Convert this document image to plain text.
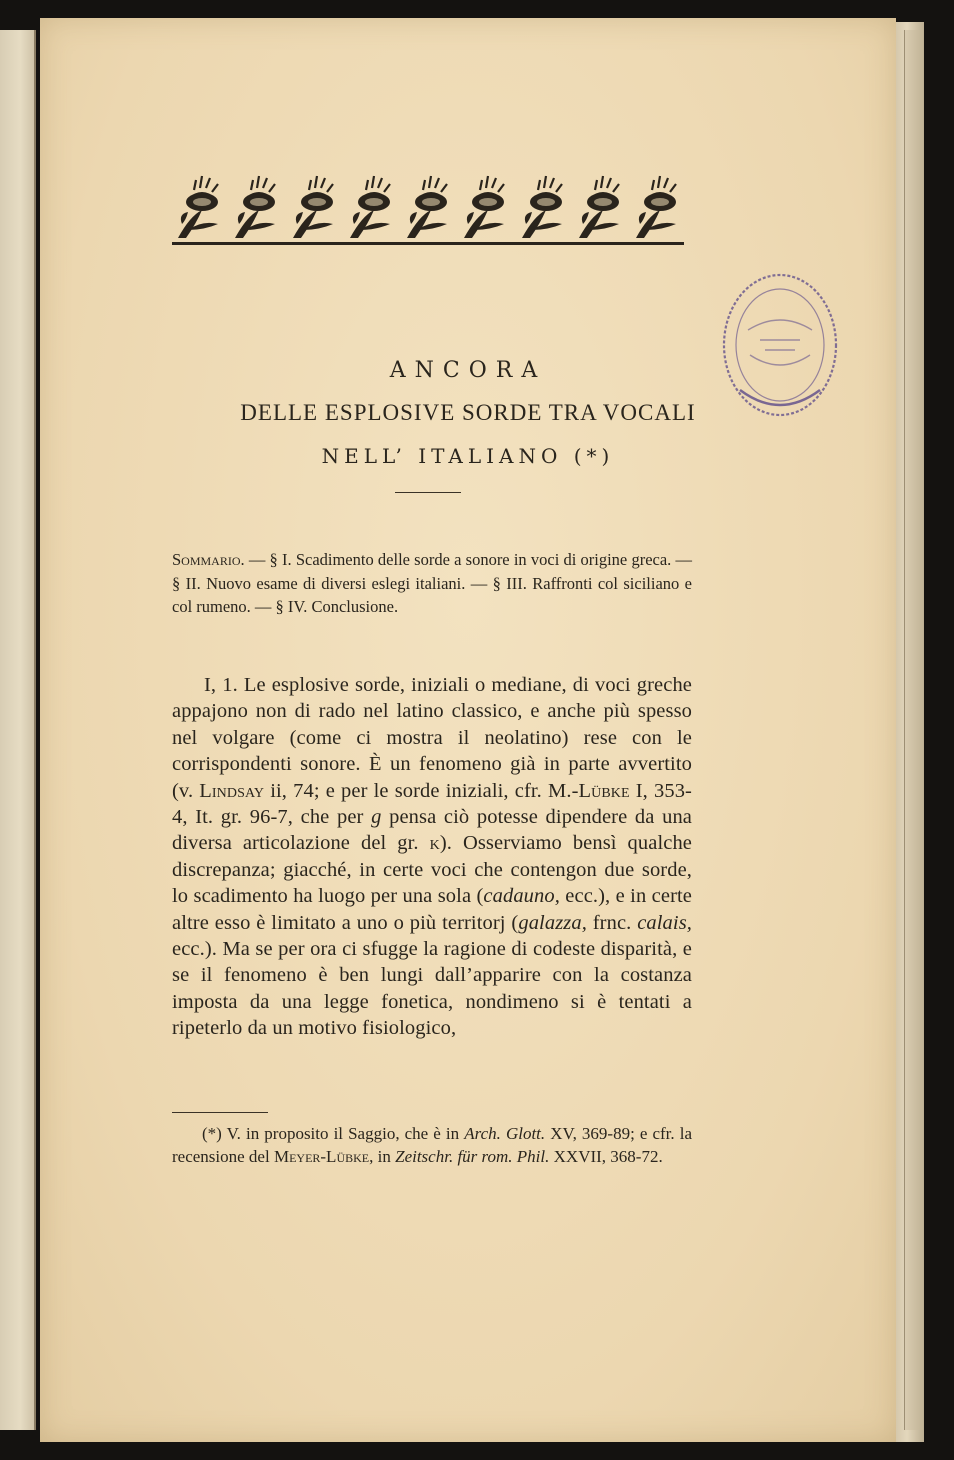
ANCORA
DELLE ESPLOSIVE SORDE TRA VOCALI
NELL’ ITALIANO (*)

Sommario. — § I. Scadimento delle sorde a sonore in voci di origine greca. — § II. Nuovo esame di diversi eslegi italiani. — § III. Raffronti col siciliano e col rumeno. — § IV. Conclusione.

I, 1. Le esplosive sorde, iniziali o mediane, di voci greche appajono non di rado nel latino classico, e anche più spesso nel volgare (come ci mostra il neolatino) rese con le corrispondenti sonore. È un fenomeno già in parte avvertito (v. Lindsay ii, 74; e per le sorde iniziali, cfr. M.-Lübke I, 353-4, It. gr. 96-7, che per g pensa ciò potesse dipendere da una diversa articolazione del gr. k). Osserviamo bensì qualche discrepanza; giacché, in certe voci che contengon due sorde, lo scadimento ha luogo per una sola (cadauno, ecc.), e in certe altre esso è limitato a uno o più territorj (galazza, frnc. calais, ecc.). Ma se per ora ci sfugge la ragione di codeste disparità, e se il fenomeno è ben lungi dall’apparire con la costanza imposta da una legge fonetica, nondimeno si è tentati a ripeterlo da un motivo fisiologico,

(*) V. in proposito il Saggio, che è in Arch. Glott. XV, 369-89; e cfr. la recensione del Meyer-Lübke, in Zeitschr. für rom. Phil. XXVII, 368-72.
